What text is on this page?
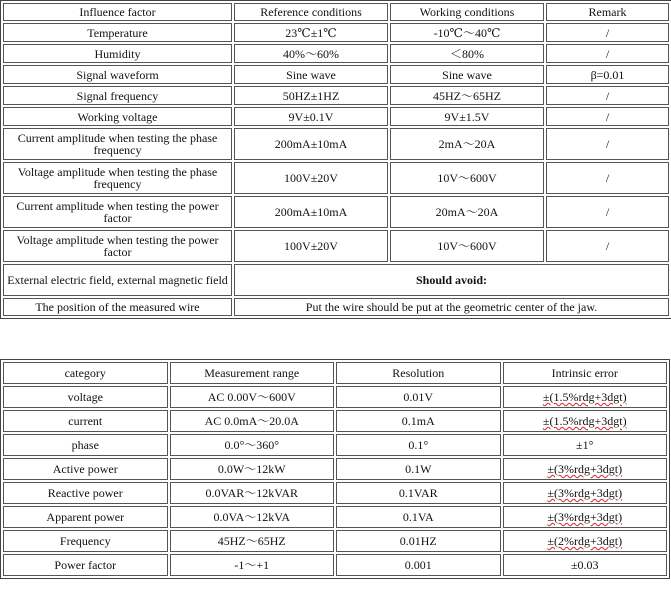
Influence factor	Reference conditions	Working conditions	Remark
Temperature	23℃±1℃	-10℃～40℃	/
Humidity	40%～60%	＜80%	/
Signal waveform	Sine wave	Sine wave	β=0.01
Signal frequency	50HZ±1HZ	45HZ～65HZ	/
Working voltage	9V±0.1V	9V±1.5V	/
Current amplitude when testing the phase frequency	200mA±10mA	2mA～20A	/
Voltage amplitude when testing the phase frequency	100V±20V	10V～600V	/
Current amplitude when testing the power factor	200mA±10mA	20mA～20A	/
Voltage amplitude when testing the power factor	100V±20V	10V～600V	/
External electric field, external magnetic field	Should avoid:		
The position of the measured wire	Put the wire should be put at the geometric center of the jaw.		
category	Measurement range	Resolution	Intrinsic error
voltage	AC 0.00V～600V	0.01V	±(1.5%rdg+3dgt)
current	AC 0.0mA～20.0A	0.1mA	±(1.5%rdg+3dgt)
phase	0.0°～360°	0.1°	±1°
Active power	0.0W～12kW	0.1W	±(3%rdg+3dgt)
Reactive power	0.0VAR～12kVAR	0.1VAR	±(3%rdg+3dgt)
Apparent power	0.0VA～12kVA	0.1VA	±(3%rdg+3dgt)
Frequency	45HZ～65HZ	0.01HZ	±(2%rdg+3dgt)
Power factor	-1～+1	0.001	±0.03
